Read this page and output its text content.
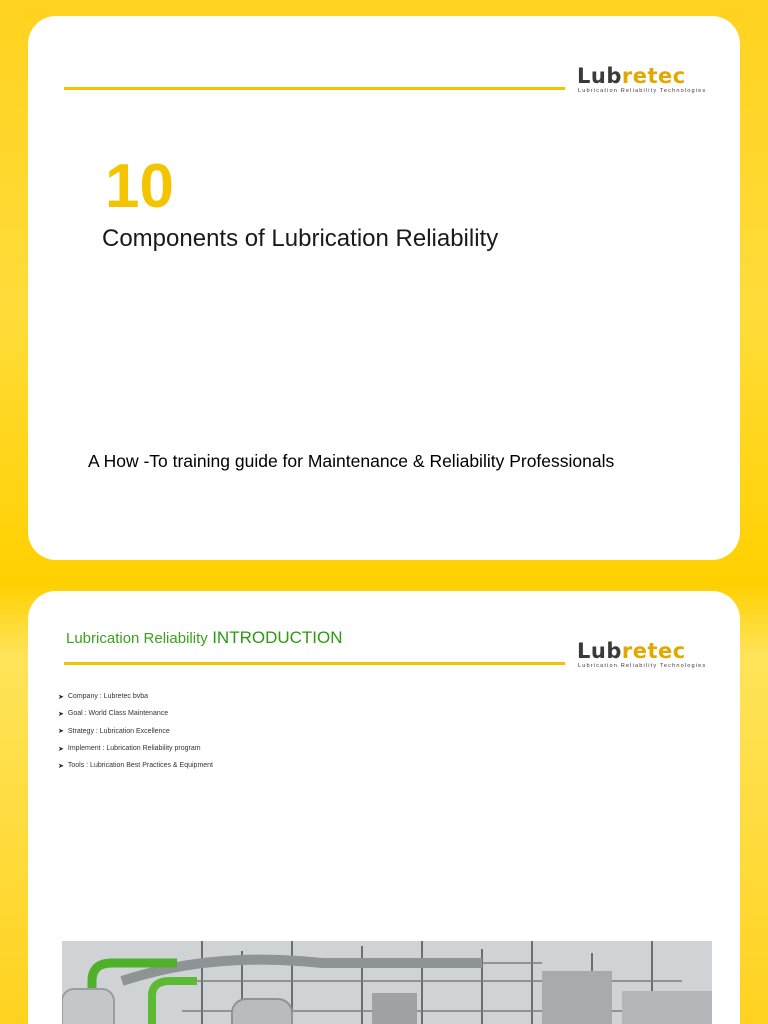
Lubretec
Lubrication Reliability Technologies
10
Components of Lubrication Reliability
A How -To training guide for Maintenance & Reliability Professionals
Lubrication Reliability INTRODUCTION
Lubretec
Lubrication Reliability Technologies
➤ Company : Lubretec bvba
➤ Goal : World Class Maintenance
➤ Strategy : Lubrication Excellence
➤ Implement : Lubrication Reliability program
➤ Tools : Lubrication Best Practices & Equipment
